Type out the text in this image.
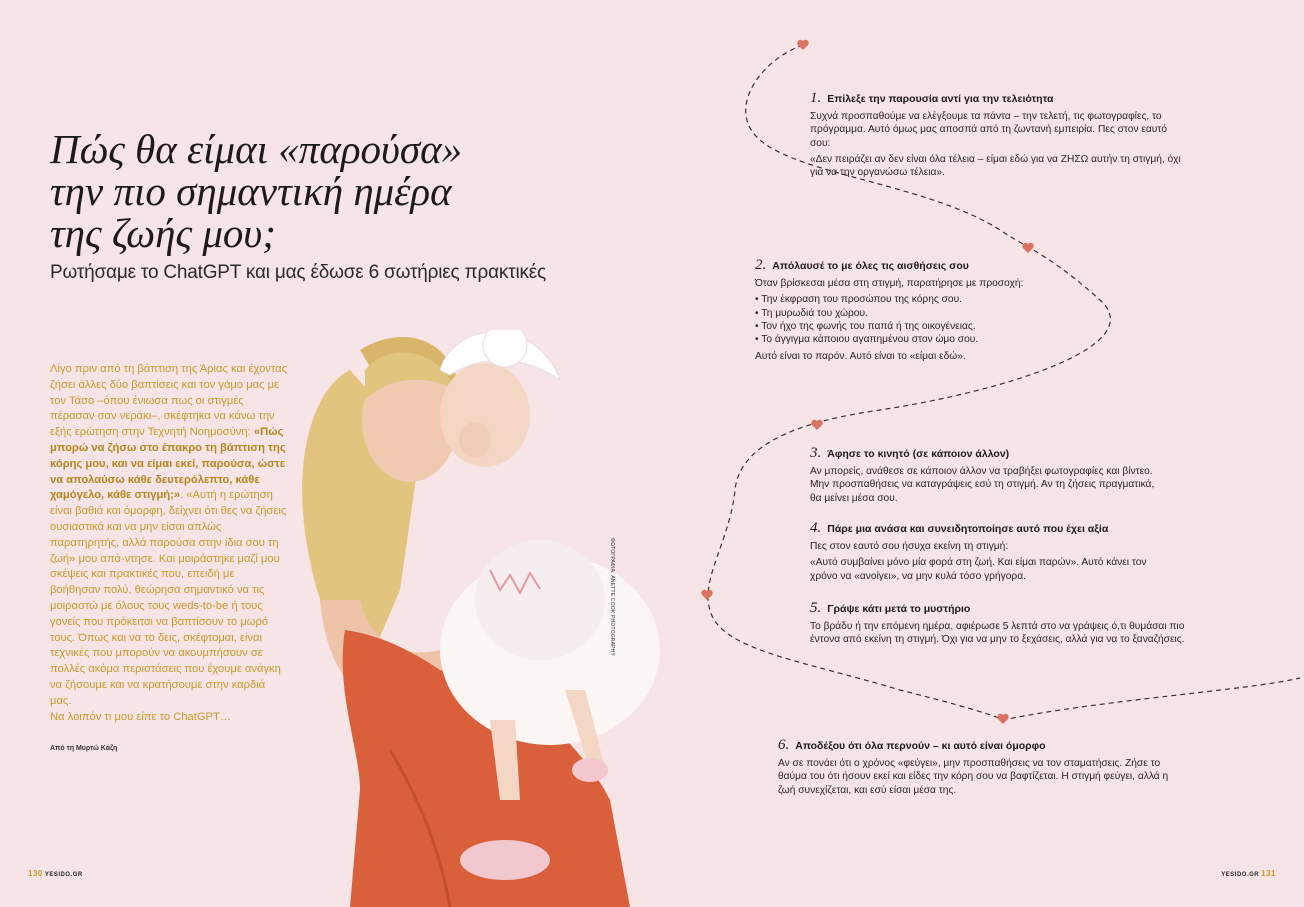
Πώς θα είμαι «παρούσα»
την πιο σημαντική ημέρα
της ζωής μου;
Ρωτήσαμε το ChatGPT και μας έδωσε 6 σωτήριες πρακτικές
Λίγο πριν από τη βάπτιση της Άριας και έχοντας ζήσει άλλες δύο βαπτίσεις και τον γάμο μας με τον Τάσο –όπου ένιωσα πως οι στιγμές πέρασαν σαν νεράκι–, σκέφτηκα να κάνω την εξής ερώτηση στην Τεχνητή Νοημοσύνη: «Πώς μπορώ να ζήσω στο έπακρο τη βάπτιση της κόρης μου, και να είμαι εκεί, παρούσα, ώστε να απολαύσω κάθε δευτερόλεπτο, κάθε χαμόγελο, κάθε στιγμή;». «Αυτή η ερώτηση είναι βαθιά και όμορφη, δείχνει ότι θες να ζήσεις ουσιαστικά και να μην είσαι απλώς παρατηρητής, αλλά παρούσα στην ίδια σου τη ζωή» μου απά-ντησε. Και μοιράστηκε μαζί μου σκέψεις και πρακτικές που, επειδή με βοήθησαν πολύ, θεώρησα σημαντικό να τις μοιραστώ με όλους τους weds-to-be ή τους γονείς που πρόκειται να βαπτίσουν το μωρό τους. Όπως και να το δεις, σκέφτομαι, είναι τεχνικές που μπορούν να ακουμπήσουν σε πολλές ακόμα περιστάσεις που έχουμε ανάγκη να ζήσουμε και να κρατήσουμε στην καρδιά μας.
Να λοιπόν τι μου είπε το ChatGPT…
Από τη Μυρτώ Κάζη
ΦΩΤΟΓΡΑΦΙΑ: ANETTE COOK PHOTOGRAPHY
1. Επίλεξε την παρουσία αντί για την τελειότητα

Συχνά προσπαθούμε να ελέγξουμε τα πάντα – την τελετή, τις φωτογραφίες, το πρόγραμμα. Αυτό όμως μας αποσπά από τη ζωντανή εμπειρία. Πες στον εαυτό σου:

«Δεν πειράζει αν δεν είναι όλα τέλεια – είμαι εδώ για να ΖΗΣΩ αυτήν τη στιγμή, όχι για να την οργανώσω τέλεια».

2. Απόλαυσέ το με όλες τις αισθήσεις σου

Όταν βρίσκεσαι μέσα στη στιγμή, παρατήρησε με προσοχή:

• Την έκφραση του προσώπου της κόρης σου.
• Τη μυρωδιά του χώρου.
• Τον ήχο της φωνής του παπά ή της οικογένειας.
• Το άγγιγμα κάποιου αγαπημένου στον ώμο σου.

Αυτό είναι το παρόν. Αυτό είναι το «είμαι εδώ».

3. Άφησε το κινητό (σε κάποιον άλλον)

Αν μπορείς, ανάθεσε σε κάποιον άλλον να τραβήξει φωτογραφίες και βίντεο. Μην προσπαθήσεις να καταγράψεις εσύ τη στιγμή. Αν τη ζήσεις πραγματικά, θα μείνει μέσα σου.

4. Πάρε μια ανάσα και συνειδητοποίησε αυτό που έχει αξία

Πες στον εαυτό σου ήσυχα εκείνη τη στιγμή:

«Αυτό συμβαίνει μόνο μία φορά στη ζωή. Και είμαι παρών». Αυτό κάνει τον χρόνο να «ανοίγει», να μην κυλά τόσο γρήγορα.

5. Γράψε κάτι μετά το μυστήριο

Το βράδυ ή την επόμενη ημέρα, αφιέρωσε 5 λεπτά στο να γράψεις ό,τι θυμάσαι πιο έντονα από εκείνη τη στιγμή. Όχι για να μην το ξεχάσεις, αλλά για να το ξαναζήσεις.

6. Αποδέξου ότι όλα περνούν – κι αυτό είναι όμορφο

Αν σε πονάει ότι ο χρόνος «φεύγει», μην προσπαθήσεις να τον σταματήσεις. Ζήσε το θαύμα του ότι ήσουν εκεί και είδες την κόρη σου να βαφτίζεται. Η στιγμή φεύγει, αλλά η ζωή συνεχίζεται, και εσύ είσαι μέσα της.

130 YESIDO.GR	YESIDO.GR 131
